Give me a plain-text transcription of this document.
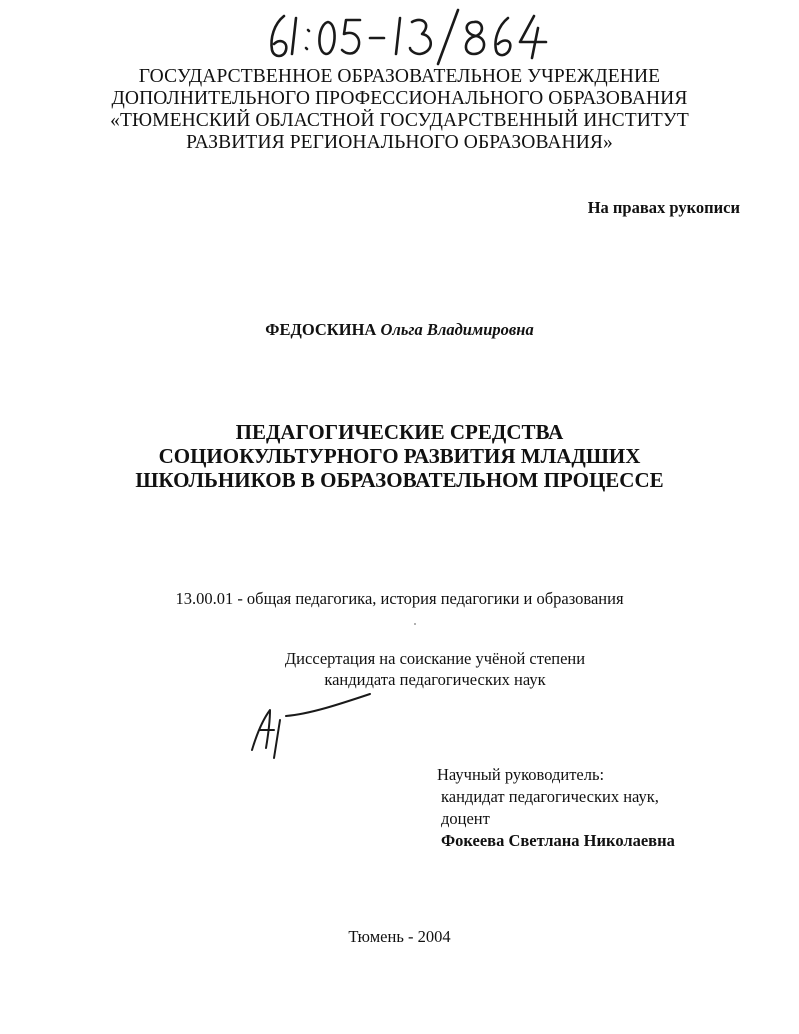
ГОСУДАРСТВЕННОЕ ОБРАЗОВАТЕЛЬНОЕ УЧРЕЖДЕНИЕ
ДОПОЛНИТЕЛЬНОГО ПРОФЕССИОНАЛЬНОГО ОБРАЗОВАНИЯ
«ТЮМЕНСКИЙ ОБЛАСТНОЙ ГОСУДАРСТВЕННЫЙ ИНСТИТУТ
РАЗВИТИЯ РЕГИОНАЛЬНОГО ОБРАЗОВАНИЯ»
На правах рукописи
ФЕДОСКИНА Ольга Владимировна
ПЕДАГОГИЧЕСКИЕ СРЕДСТВА
СОЦИОКУЛЬТУРНОГО РАЗВИТИЯ МЛАДШИХ
ШКОЛЬНИКОВ В ОБРАЗОВАТЕЛЬНОМ ПРОЦЕССЕ
13.00.01 - общая педагогика, история педагогики и образования
Диссертация на соискание учёной степени
кандидата педагогических наук
Научный руководитель:
кандидат педагогических наук,
доцент
Фокеева Светлана Николаевна
Тюмень - 2004
